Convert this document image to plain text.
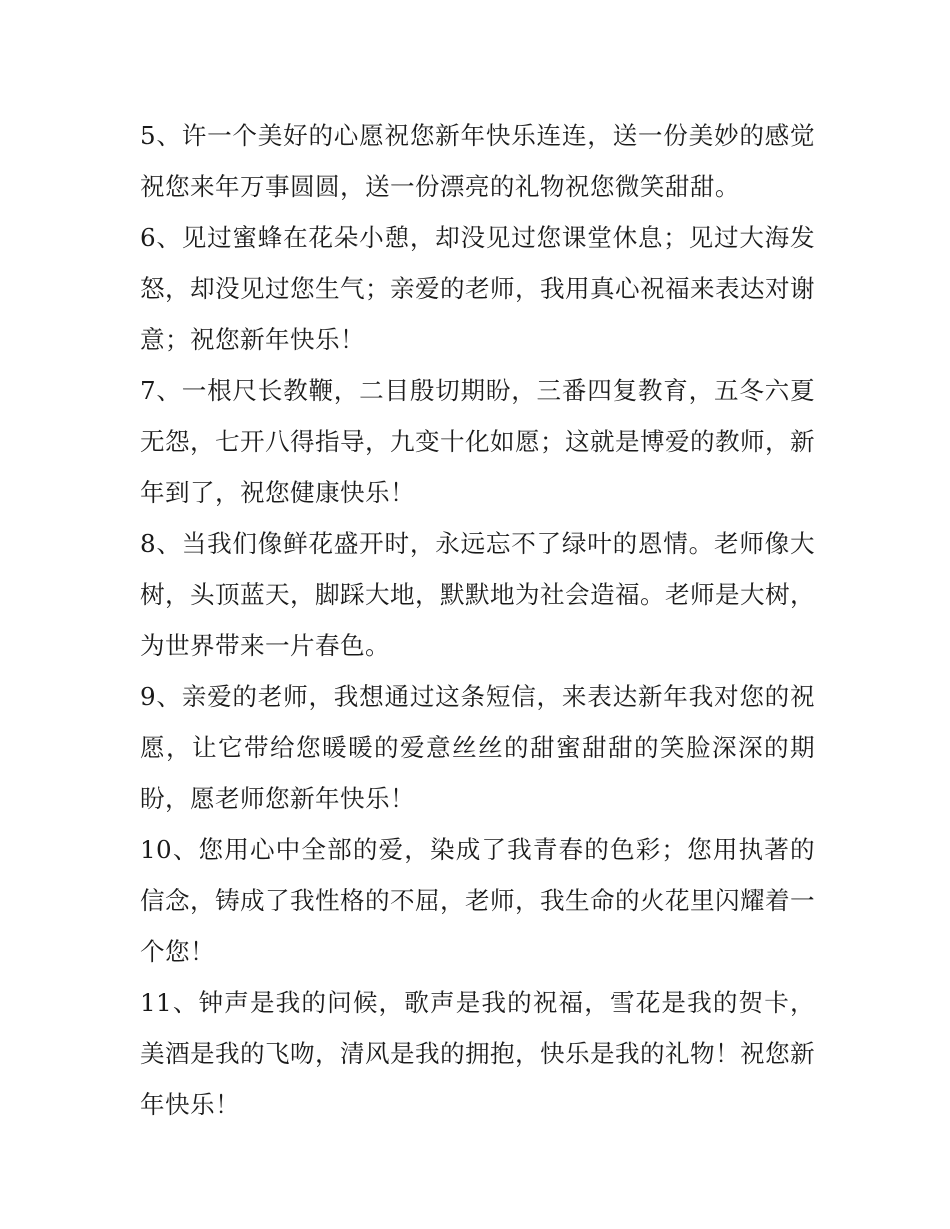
5、许一个美好的心愿祝您新年快乐连连，送一份美妙的感觉祝您来年万事圆圆，送一份漂亮的礼物祝您微笑甜甜。

6、见过蜜蜂在花朵小憩，却没见过您课堂休息；见过大海发怒，却没见过您生气；亲爱的老师，我用真心祝福来表达对谢意；祝您新年快乐！

7、一根尺长教鞭，二目殷切期盼，三番四复教育，五冬六夏无怨，七开八得指导，九变十化如愿；这就是博爱的教师，新年到了，祝您健康快乐！

8、当我们像鲜花盛开时，永远忘不了绿叶的恩情。老师像大树，头顶蓝天，脚踩大地，默默地为社会造福。老师是大树，为世界带来一片春色。

9、亲爱的老师，我想通过这条短信，来表达新年我对您的祝愿，让它带给您暖暖的爱意丝丝的甜蜜甜甜的笑脸深深的期盼，愿老师您新年快乐！

10、您用心中全部的爱，染成了我青春的色彩；您用执著的信念，铸成了我性格的不屈，老师，我生命的火花里闪耀着一个您！

11、钟声是我的问候，歌声是我的祝福，雪花是我的贺卡，美酒是我的飞吻，清风是我的拥抱，快乐是我的礼物！祝您新年快乐！
